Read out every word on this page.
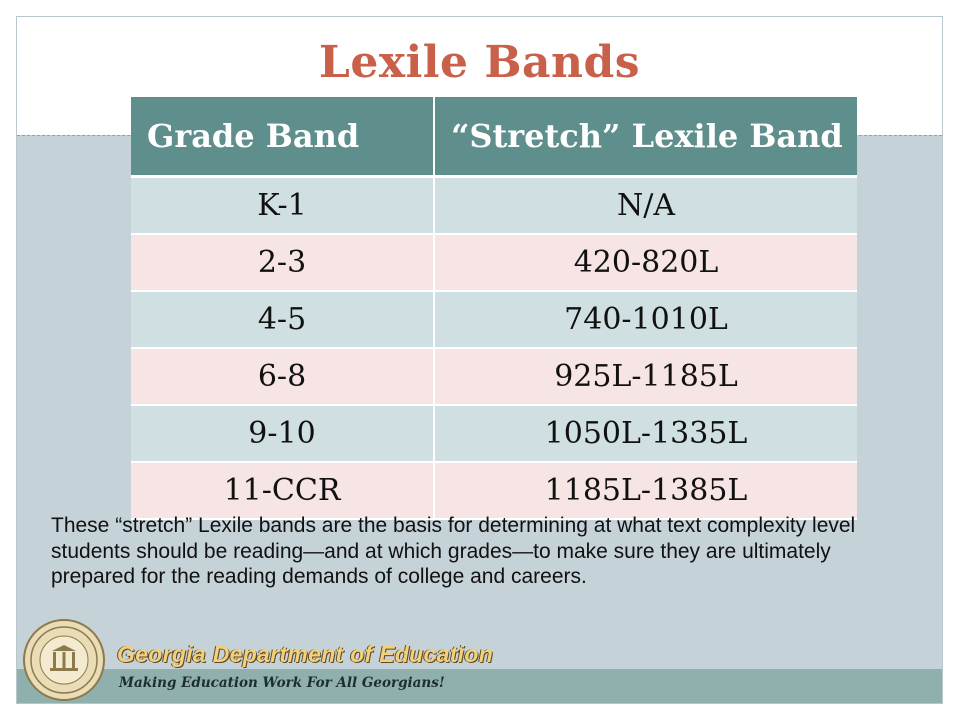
Lexile Bands
Grade Band	“Stretch” Lexile Band
K-1	N/A
2-3	420-820L
4-5	740-1010L
6-8	925L-1185L
9-10	1050L-1335L
11-CCR	1185L-1385L
These “stretch” Lexile bands are the basis for determining at what text complexity level students should be reading—and at which grades—to make sure they are ultimately prepared for the reading demands of college and careers.
Georgia Department of Education
Making Education Work For All Georgians!
